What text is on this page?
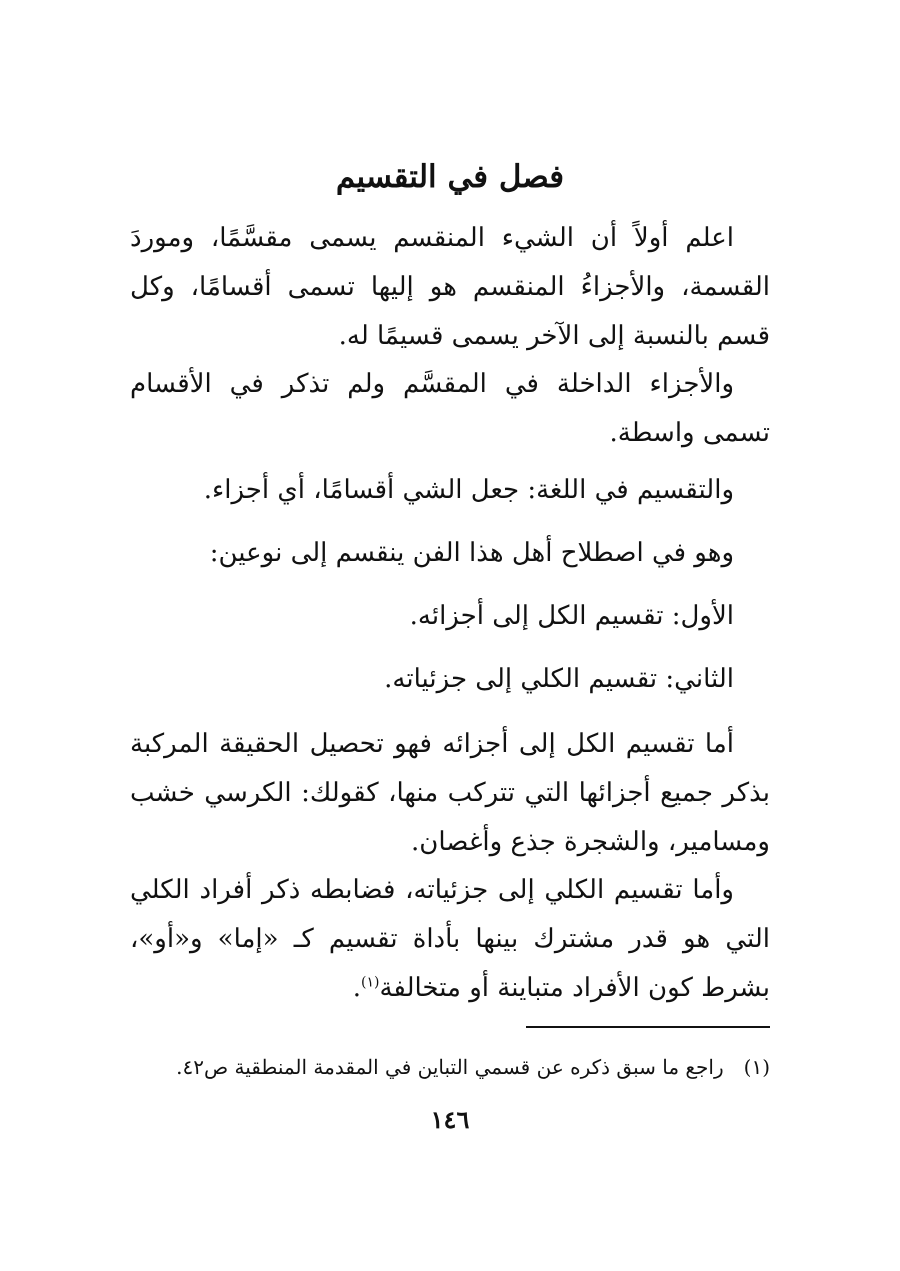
فصل في التقسيم

اعلم أولاً أن الشيء المنقسم يسمى مقسَّمًا، وموردَ القسمة، والأجزاءُ المنقسم هو إليها تسمى أقسامًا، وكل قسم بالنسبة إلى الآخر يسمى قسيمًا له.

والأجزاء الداخلة في المقسَّم ولم تذكر في الأقسام تسمى واسطة.

والتقسيم في اللغة: جعل الشي أقسامًا، أي أجزاء.

وهو في اصطلاح أهل هذا الفن ينقسم إلى نوعين:

الأول: تقسيم الكل إلى أجزائه.

الثاني: تقسيم الكلي إلى جزئياته.

أما تقسيم الكل إلى أجزائه فهو تحصيل الحقيقة المركبة بذكر جميع أجزائها التي تتركب منها، كقولك: الكرسي خشب ومسامير، والشجرة جذع وأغصان.

وأما تقسيم الكلي إلى جزئياته، فضابطه ذكر أفراد الكلي التي هو قدر مشترك بينها بأداة تقسيم كـ «إما» و«أو»، بشرط كون الأفراد متباينة أو متخالفة$^{(١)}$.

(١)راجع ما سبق ذكره عن قسمي التباين في المقدمة المنطقية ص٤٢.
١٤٦
